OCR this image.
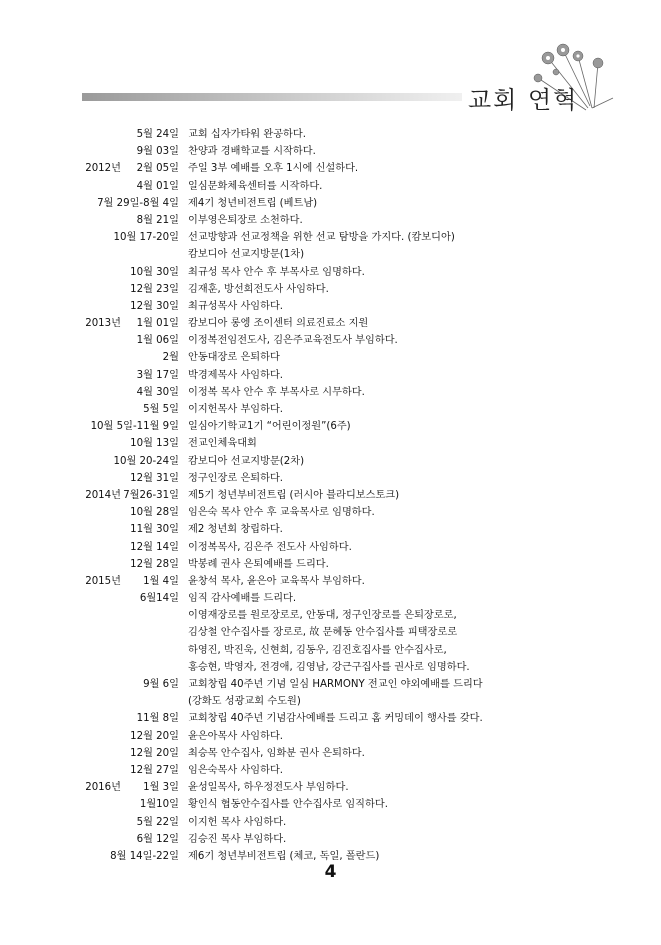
교회 연혁
5월 24일 교회 십자가타워 완공하다.
9월 03일 찬양과 경배학교를 시작하다.
2012년 2월 05일 주일 3부 예배를 오후 1시에 신설하다.
4월 01일 일심문화체육센터를 시작하다.
7월 29일-8월 4일 제4기 청년비전트립 (베트남)
8월 21일 이부영은퇴장로 소천하다.
10월 17-20일 선교방향과 선교정책을 위한 선교 탐방을 가지다. (캄보디아)
캄보디아 선교지방문(1차)
10월 30일 최규성 목사 안수 후 부목사로 임명하다.
12월 23일 김재훈, 방선희전도사 사임하다.
12월 30일 최규성목사 사임하다.
2013년 1월 01일 캄보디아 롱엥 조이센터 의료진료소 지원
1월 06일 이정복전임전도사, 김은주교육전도사 부임하다.
2월 안동대장로 은퇴하다
3월 17일 박경제목사 사임하다.
4월 30일 이정복 목사 안수 후 부목사로 시무하다.
5월 5일 이지헌목사 부임하다.
10월 5일-11월 9일 일심아기학교1기 “어린이정원”(6주)
10월 13일 전교인체육대회
10월 20-24일 캄보디아 선교지방문(2차)
12월 31일 정구인장로 은퇴하다.
2014년 7월26-31일 제5기 청년부비전트립 (러시아 블라디보스토크)
10월 28일 임은숙 목사 안수 후 교육목사로 임명하다.
11월 30일 제2 청년회 창립하다.
12월 14일 이정복목사, 김은주 전도사 사임하다.
12월 28일 박봉례 권사 은퇴예배를 드리다.
2015년 1월 4일 윤창석 목사, 윤은아 교육목사 부임하다.
6월14일 임직 감사예배를 드리다.
이영재장로를 원로장로로, 안동대, 정구인장로를 은퇴장로로,
김상철 안수집사를 장로로, 故 문혜동 안수집사를 피택장로로
하영진, 박진욱, 신현희, 김동우, 김진호집사를 안수집사로,
홍승현, 박영자, 전경애, 김영남, 강근구집사를 권사로 임명하다.
9월 6일 교회창립 40주년 기념 일심 HARMONY 전교인 야외예배를 드리다
(강화도 성광교회 수도원)
11월 8일 교회창립 40주년 기념감사예배를 드리고 홈 커밍데이 행사를 갖다.
12월 20일 윤은아목사 사임하다.
12월 20일 최승목 안수집사, 임화분 권사 은퇴하다.
12월 27일 임은숙목사 사임하다.
2016년 1월 3일 윤성일목사, 하우정전도사 부임하다.
1월10일 황인식 협동안수집사를 안수집사로 임직하다.
5월 22일 이지헌 목사 사임하다.
6월 12일 김승진 목사 부임하다.
8월 14일-22일 제6기 청년부비전트립 (체코, 독일, 폴란드)
4
